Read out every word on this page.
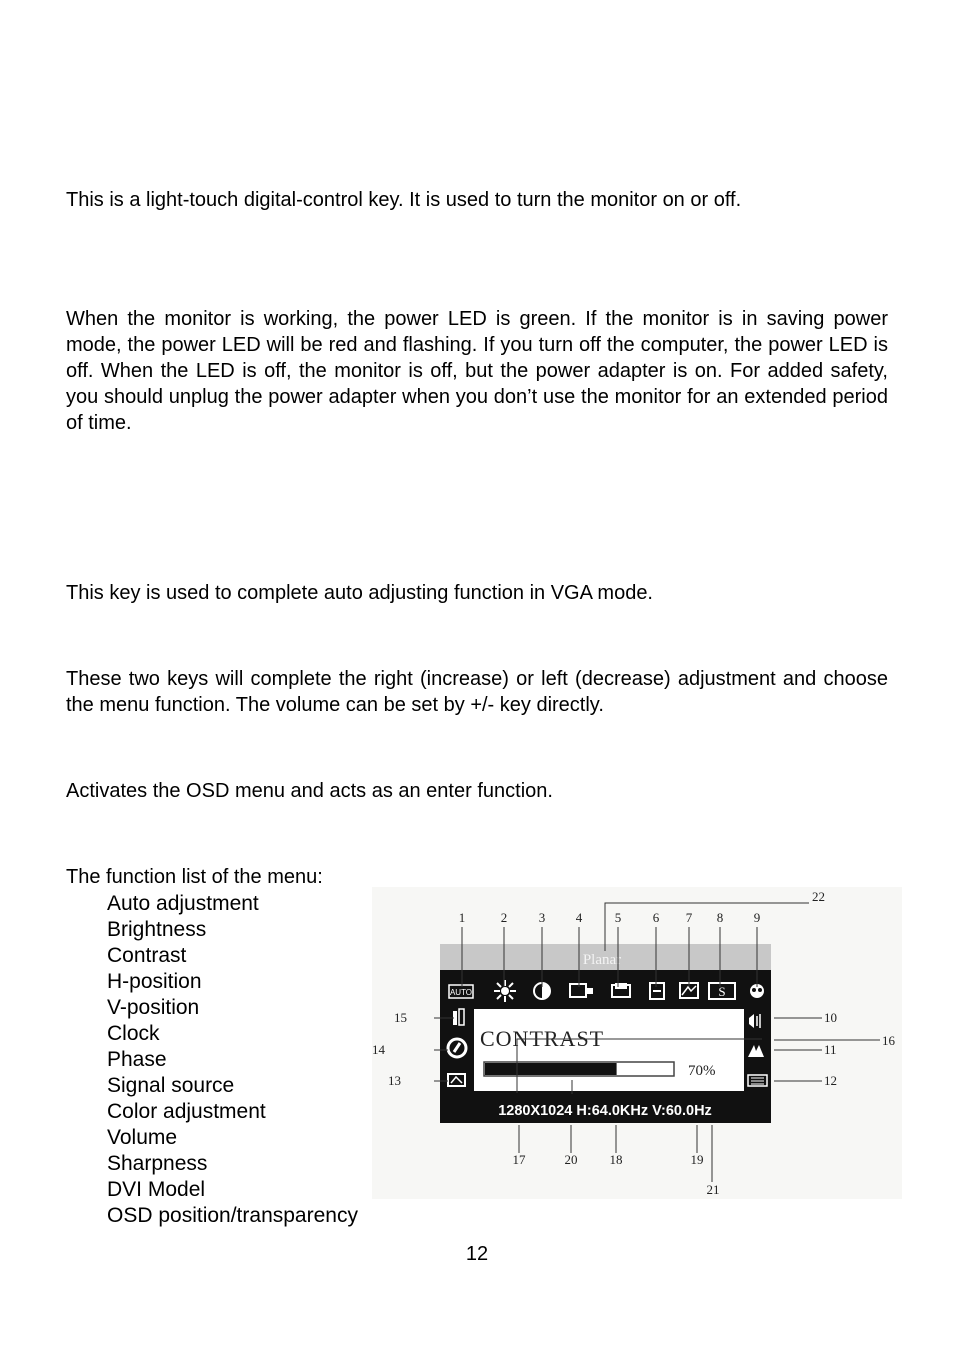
This is a light-touch digital-control key. It is used to turn the monitor on or off.

When the monitor is working, the power LED is green. If the monitor is in saving power mode, the power LED will be red and flashing. If you turn off the computer, the power LED is off. When the LED is off, the monitor is off, but the power adapter is on. For added safety, you should unplug the power adapter when you don’t use the monitor for an extended period of time.

This key is used to complete auto adjusting function in VGA mode.

These two keys will complete the right (increase) or left (decrease) adjustment and choose the menu function. The volume can be set by +/- key directly.

Activates the OSD menu and acts as an enter function.

The function list of the menu:

Auto adjustment
Brightness
Contrast
H-position
V-position
Clock
Phase
Signal source
Color adjustment
Volume
Sharpness
DVI Model
OSD position/transparency
Planar
AUTO	S
CONTRAST
70%
1280X1024 H:64.0KHz V:60.0Hz
1	2 3 4	5 6 7 8 9
22
10
11
12
16
15
14
13
17	20 18	19
21
12
